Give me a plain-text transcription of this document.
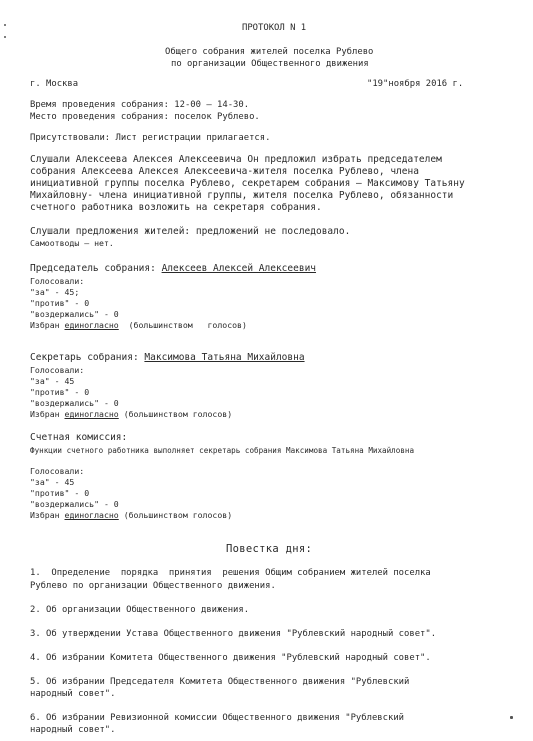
ПРОТОКОЛ N 1
Общего собрания жителей поселка Рублево
по организации Общественного движения
г. Москва	"19"ноября 2016 г.
Время проведения собрания: 12-00 – 14-30.
Место проведения собрания: поселок Рублево.
Присутствовали: Лист регистрации прилагается.
Слушали Алексеева Алексея Алексеевича Он предложил избрать председателем
собрания Алексеева Алексея Алексеевича-жителя поселка Рублево, члена
инициативной группы поселка Рублево, секретарем собрания – Максимову Татьяну
Михайловну- члена инициативной группы, жителя поселка Рублево, обязанности
счетного работника возложить на секретаря собрания.
Слушали предложения жителей: предложений не последовало.
Самоотводы – нет.
Председатель собрания: Алексеев Алексей Алексеевич
Голосовали:
"за" - 45;
"против" - 0
"воздержались" - 0
Избран единогласно (большинством   голосов)
Секретарь собрания: Максимова Татьяна Михайловна
Голосовали:
"за" - 45
"против" - 0
"воздержались" - 0
Избран единогласно (большинством голосов)
Счетная комиссия:
Функции счетного работника выполняет секретарь собрания Максимова Татьяна Михайловна
Голосовали:
"за" - 45
"против" - 0
"воздержались" - 0
Избран единогласно (большинством голосов)
Повестка дня:
1.  Определение  порядка  принятия  решения Общим собранием жителей поселка
Рублево по организации Общественного движения.
2. Об организации Общественного движения.
3. Об утверждении Устава Общественного движения "Рублевский народный совет".
4. Об избрании Комитета Общественного движения "Рублевский народный совет".
5. Об избрании Председателя Комитета Общественного движения "Рублевский
народный совет".
6. Об избрании Ревизионной комиссии Общественного движения "Рублевский
народный совет".
